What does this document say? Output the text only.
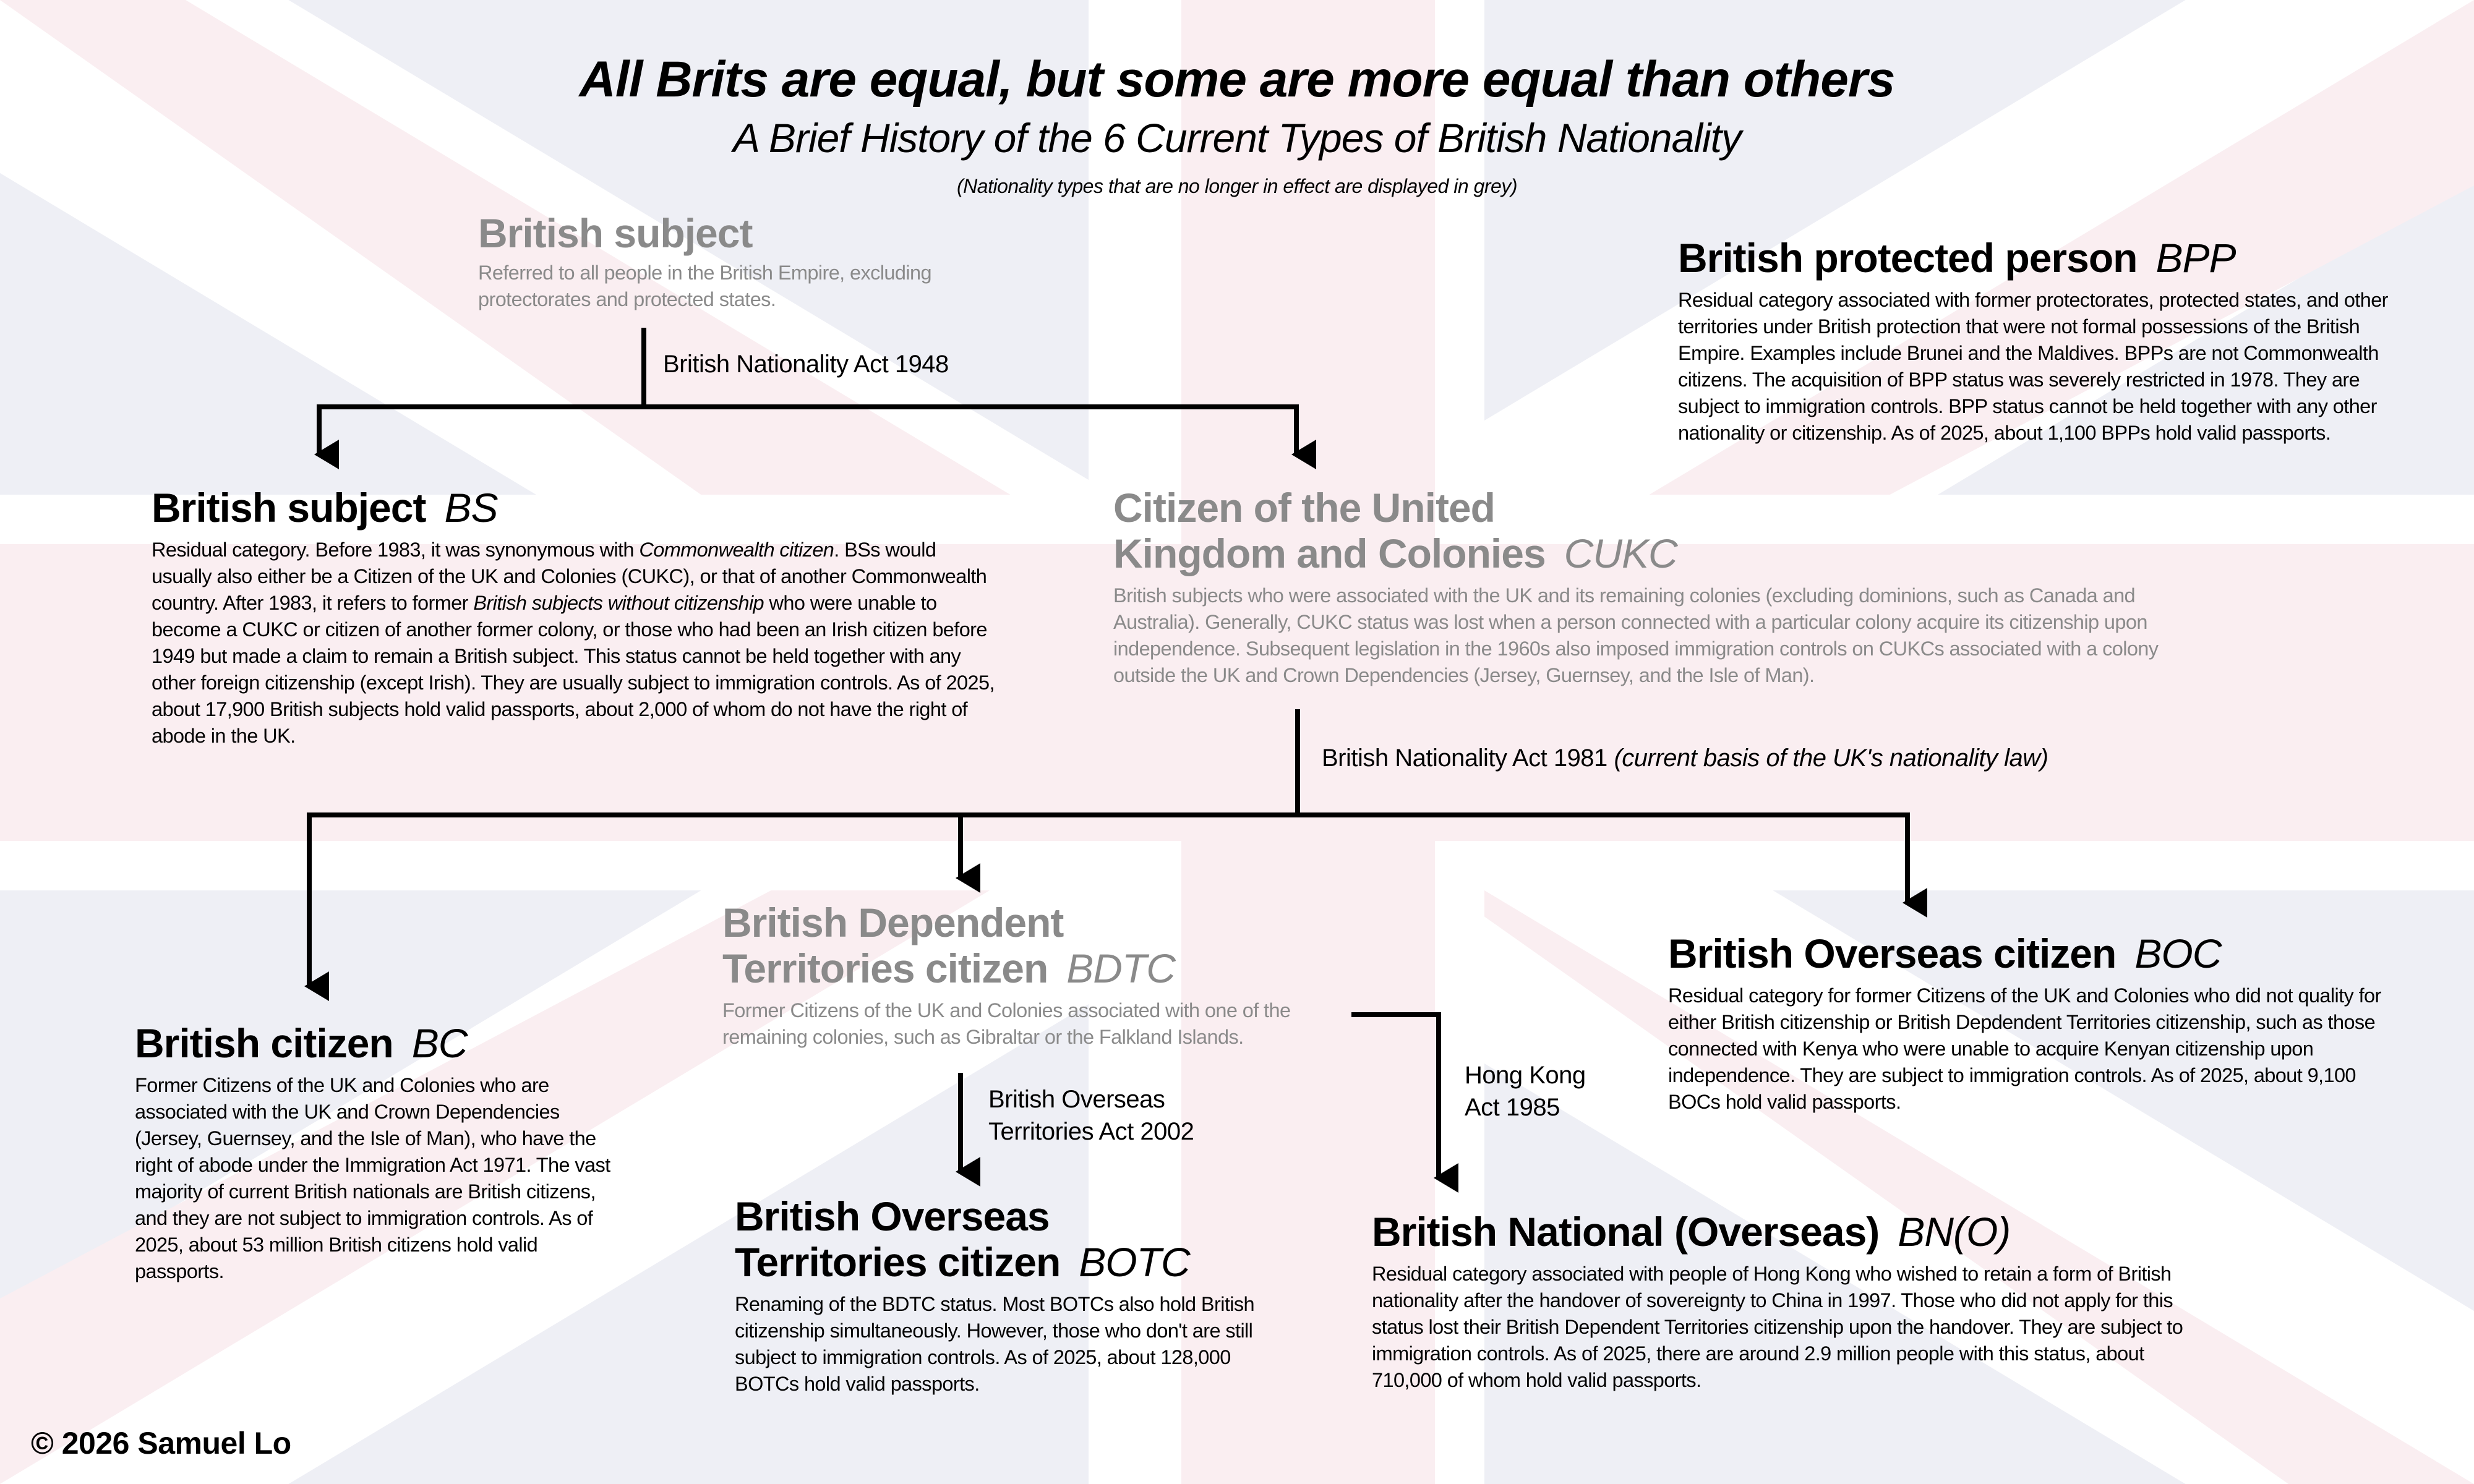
All Brits are equal, but some are more equal than others
A Brief History of the 6 Current Types of British Nationality
(Nationality types that are no longer in effect are displayed in grey)
British subject
Referred to all people in the British Empire, excluding protectorates and protected states.
British Nationality Act 1948
British protected person BPP
Residual category associated with former protectorates, protected states, and other territories under British protection that were not formal possessions of the British Empire. Examples include Brunei and the Maldives. BPPs are not Commonwealth citizens. The acquisition of BPP status was severely restricted in 1978. They are subject to immigration controls. BPP status cannot be held together with any other nationality or citizenship. As of 2025, about 1,100 BPPs hold valid passports.
British subject BS
Residual category. Before 1983, it was synonymous with Commonwealth citizen. BSs would usually also either be a Citizen of the UK and Colonies (CUKC), or that of another Commonwealth country. After 1983, it refers to former British subjects without citizenship who were unable to become a CUKC or citizen of another former colony, or those who had been an Irish citizen before 1949 but made a claim to remain a British subject. This status cannot be held together with any other foreign citizenship (except Irish). They are usually subject to immigration controls. As of 2025, about 17,900 British subjects hold valid passports, about 2,000 of whom do not have the right of abode in the UK.
Citizen of the United
Kingdom and Colonies CUKC
British subjects who were associated with the UK and its remaining colonies (excluding dominions, such as Canada and Australia). Generally, CUKC status was lost when a person connected with a particular colony acquire its citizenship upon independence. Subsequent legislation in the 1960s also imposed immigration controls on CUKCs associated with a colony outside the UK and Crown Dependencies (Jersey, Guernsey, and the Isle of Man).
British Nationality Act 1981 (current basis of the UK's nationality law)
British Dependent
Territories citizen BDTC
Former Citizens of the UK and Colonies associated with one of the remaining colonies, such as Gibraltar or the Falkland Islands.
British Overseas citizen BOC
Residual category for former Citizens of the UK and Colonies who did not quality for either British citizenship or British Depdendent Territories citizenship, such as those connected with Kenya who were unable to acquire Kenyan citizenship upon independence. They are subject to immigration controls. As of 2025, about 9,100 BOCs hold valid passports.
British citizen BC
Former Citizens of the UK and Colonies who are associated with the UK and Crown Dependencies (Jersey, Guernsey, and the Isle of Man), who have the right of abode under the Immigration Act 1971. The vast majority of current British nationals are British citizens, and they are not subject to immigration controls. As of 2025, about 53 million British citizens hold valid passports.
British Overseas
Territories Act 2002
Hong Kong
Act 1985
British Overseas
Territories citizen BOTC
Renaming of the BDTC status. Most BOTCs also hold British citizenship simultaneously. However, those who don't are still subject to immigration controls. As of 2025, about 128,000 BOTCs hold valid passports.
British National (Overseas) BN(O)
Residual category associated with people of Hong Kong who wished to retain a form of British nationality after the handover of sovereignty to China in 1997. Those who did not apply for this status lost their British Dependent Territories citizenship upon the handover. They are subject to immigration controls. As of 2025, there are around 2.9 million people with this status, about 710,000 of whom hold valid passports.
© 2026 Samuel Lo
